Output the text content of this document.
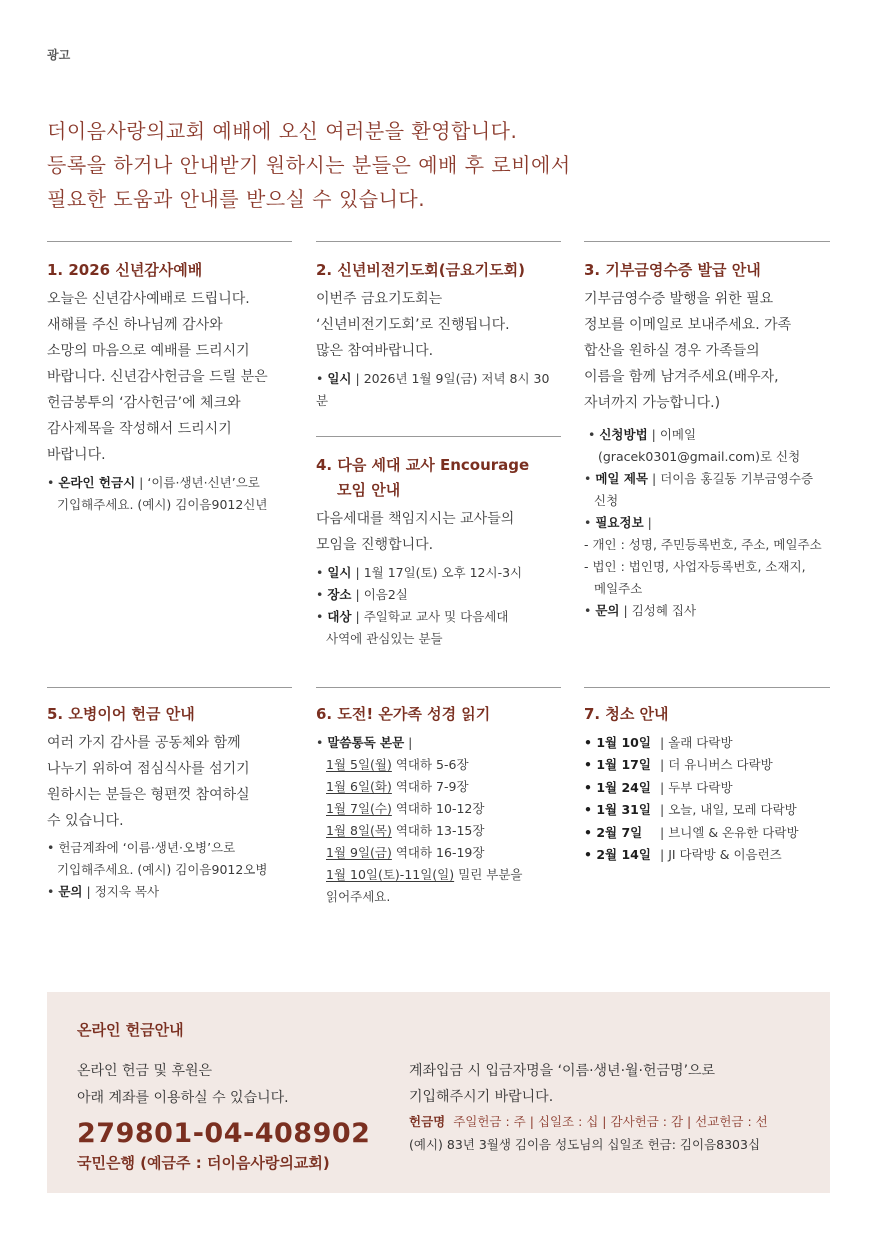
광고
더이음사랑의교회 예배에 오신 여러분을 환영합니다.
등록을 하거나 안내받기 원하시는 분들은 예배 후 로비에서
필요한 도움과 안내를 받으실 수 있습니다.
1. 2026 신년감사예배
오늘은 신년감사예배로 드립니다.
새해를 주신 하나님께 감사와
소망의 마음으로 예배를 드리시기
바랍니다. 신년감사헌금을 드릴 분은
헌금봉투의 ‘감사헌금’에 체크와
감사제목을 작성해서 드리시기
바랍니다.
• 온라인 헌금시 | ‘이름·생년·신년’으로
기입해주세요. (예시) 김이음9012신년
2. 신년비전기도회(금요기도회)
이번주 금요기도회는
‘신년비전기도회’로 진행됩니다.
많은 참여바랍니다.
• 일시 | 2026년 1월 9일(금) 저녁 8시 30분
4. 다음 세대 교사 Encourage
모임 안내
다음세대를 책임지시는 교사들의
모임을 진행합니다.
• 일시 | 1월 17일(토) 오후 12시-3시
• 장소 | 이음2실
• 대상 | 주일학교 교사 및 다음세대
사역에 관심있는 분들
3. 기부금영수증 발급 안내
기부금영수증 발행을 위한 필요
정보를 이메일로 보내주세요. 가족
합산을 원하실 경우 가족들의
이름을 함께 남겨주세요(배우자,
자녀까지 가능합니다.)
• 신청방법 | 이메일
(gracek0301@gmail.com)로 신청
• 메일 제목 | 더이음 홍길동 기부금영수증
신청
• 필요정보 |
- 개인 : 성명, 주민등록번호, 주소, 메일주소
- 법인 : 법인명, 사업자등록번호, 소재지,
메일주소
• 문의 | 김성혜 집사
5. 오병이어 헌금 안내
여러 가지 감사를 공동체와 함께
나누기 위하여 점심식사를 섬기기
원하시는 분들은 형편껏 참여하실
수 있습니다.
• 헌금계좌에 ‘이름·생년·오병’으로
기입해주세요. (예시) 김이음9012오병
• 문의 | 정지욱 목사
6. 도전! 온가족 성경 읽기
• 말씀통독 본문 |
1월 5일(월) 역대하 5-6장
1월 6일(화) 역대하 7-9장
1월 7일(수) 역대하 10-12장
1월 8일(목) 역대하 13-15장
1월 9일(금) 역대하 16-19장
1월 10일(토)-11일(일) 밀린 부분을
읽어주세요.
7. 청소 안내
• 1월 10일 | 올래 다락방
• 1월 17일 | 더 유니버스 다락방
• 1월 24일 | 두부 다락방
• 1월 31일 | 오늘, 내일, 모레 다락방
• 2월 7일	| 브니엘 & 온유한 다락방
• 2월 14일 | JI 다락방 & 이음런즈
온라인 헌금안내
온라인 헌금 및 후원은
아래 계좌를 이용하실 수 있습니다.
279801-04-408902
국민은행 (예금주 : 더이음사랑의교회)
계좌입금 시 입금자명을 ‘이름·생년·월·헌금명’으로
기입해주시기 바랍니다.
헌금명 주일헌금 : 주 | 십일조 : 십 | 감사헌금 : 감 | 선교헌금 : 선
(예시) 83년 3월생 김이음 성도님의 십일조 헌금: 김이음8303십
